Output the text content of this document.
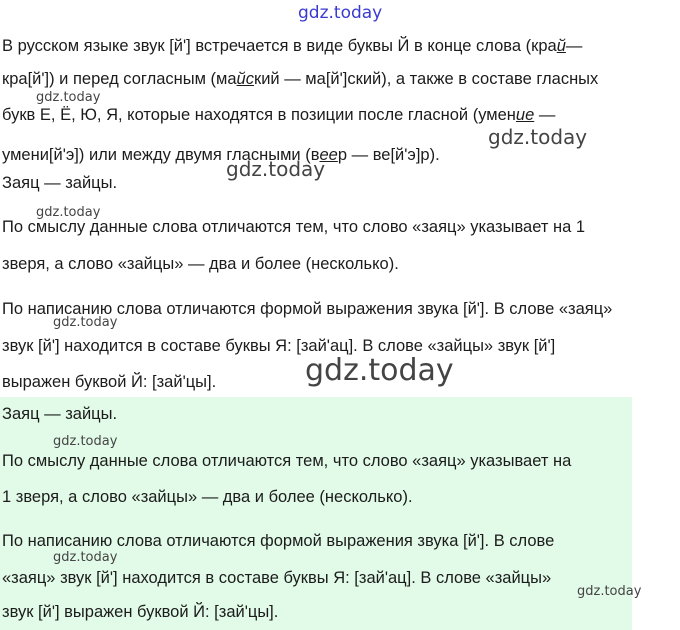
gdz.today
В русском языке звук [й'] встречается в виде буквы Й в конце слова (край—
кра[й']) и перед согласным (майский — ма[й']ский), а также в составе гласных
букв Е, Ё, Ю, Я, которые находятся в позиции после гласной (умение —
умени[й'э]) или между двумя гласными (веер — ве[й'э]р).
Заяц — зайцы.
По смыслу данные слова отличаются тем, что слово «заяц» указывает на 1
зверя, а слово «зайцы» — два и более (несколько).
По написанию слова отличаются формой выражения звука [й']. В слове «заяц»
звук [й'] находится в составе буквы Я: [зай'ац]. В слове «зайцы» звук [й']
выражен буквой Й: [зай'цы].
Заяц — зайцы.
По смыслу данные слова отличаются тем, что слово «заяц» указывает на
1 зверя, а слово «зайцы» — два и более (несколько).
По написанию слова отличаются формой выражения звука [й']. В слове
«заяц» звук [й'] находится в составе буквы Я: [зай'ац]. В слове «зайцы»
звук [й'] выражен буквой Й: [зай'цы].
gdz.today
gdz.today
gdz.today
gdz.today
gdz.today
gdz.today
gdz.today
gdz.today
gdz.today
